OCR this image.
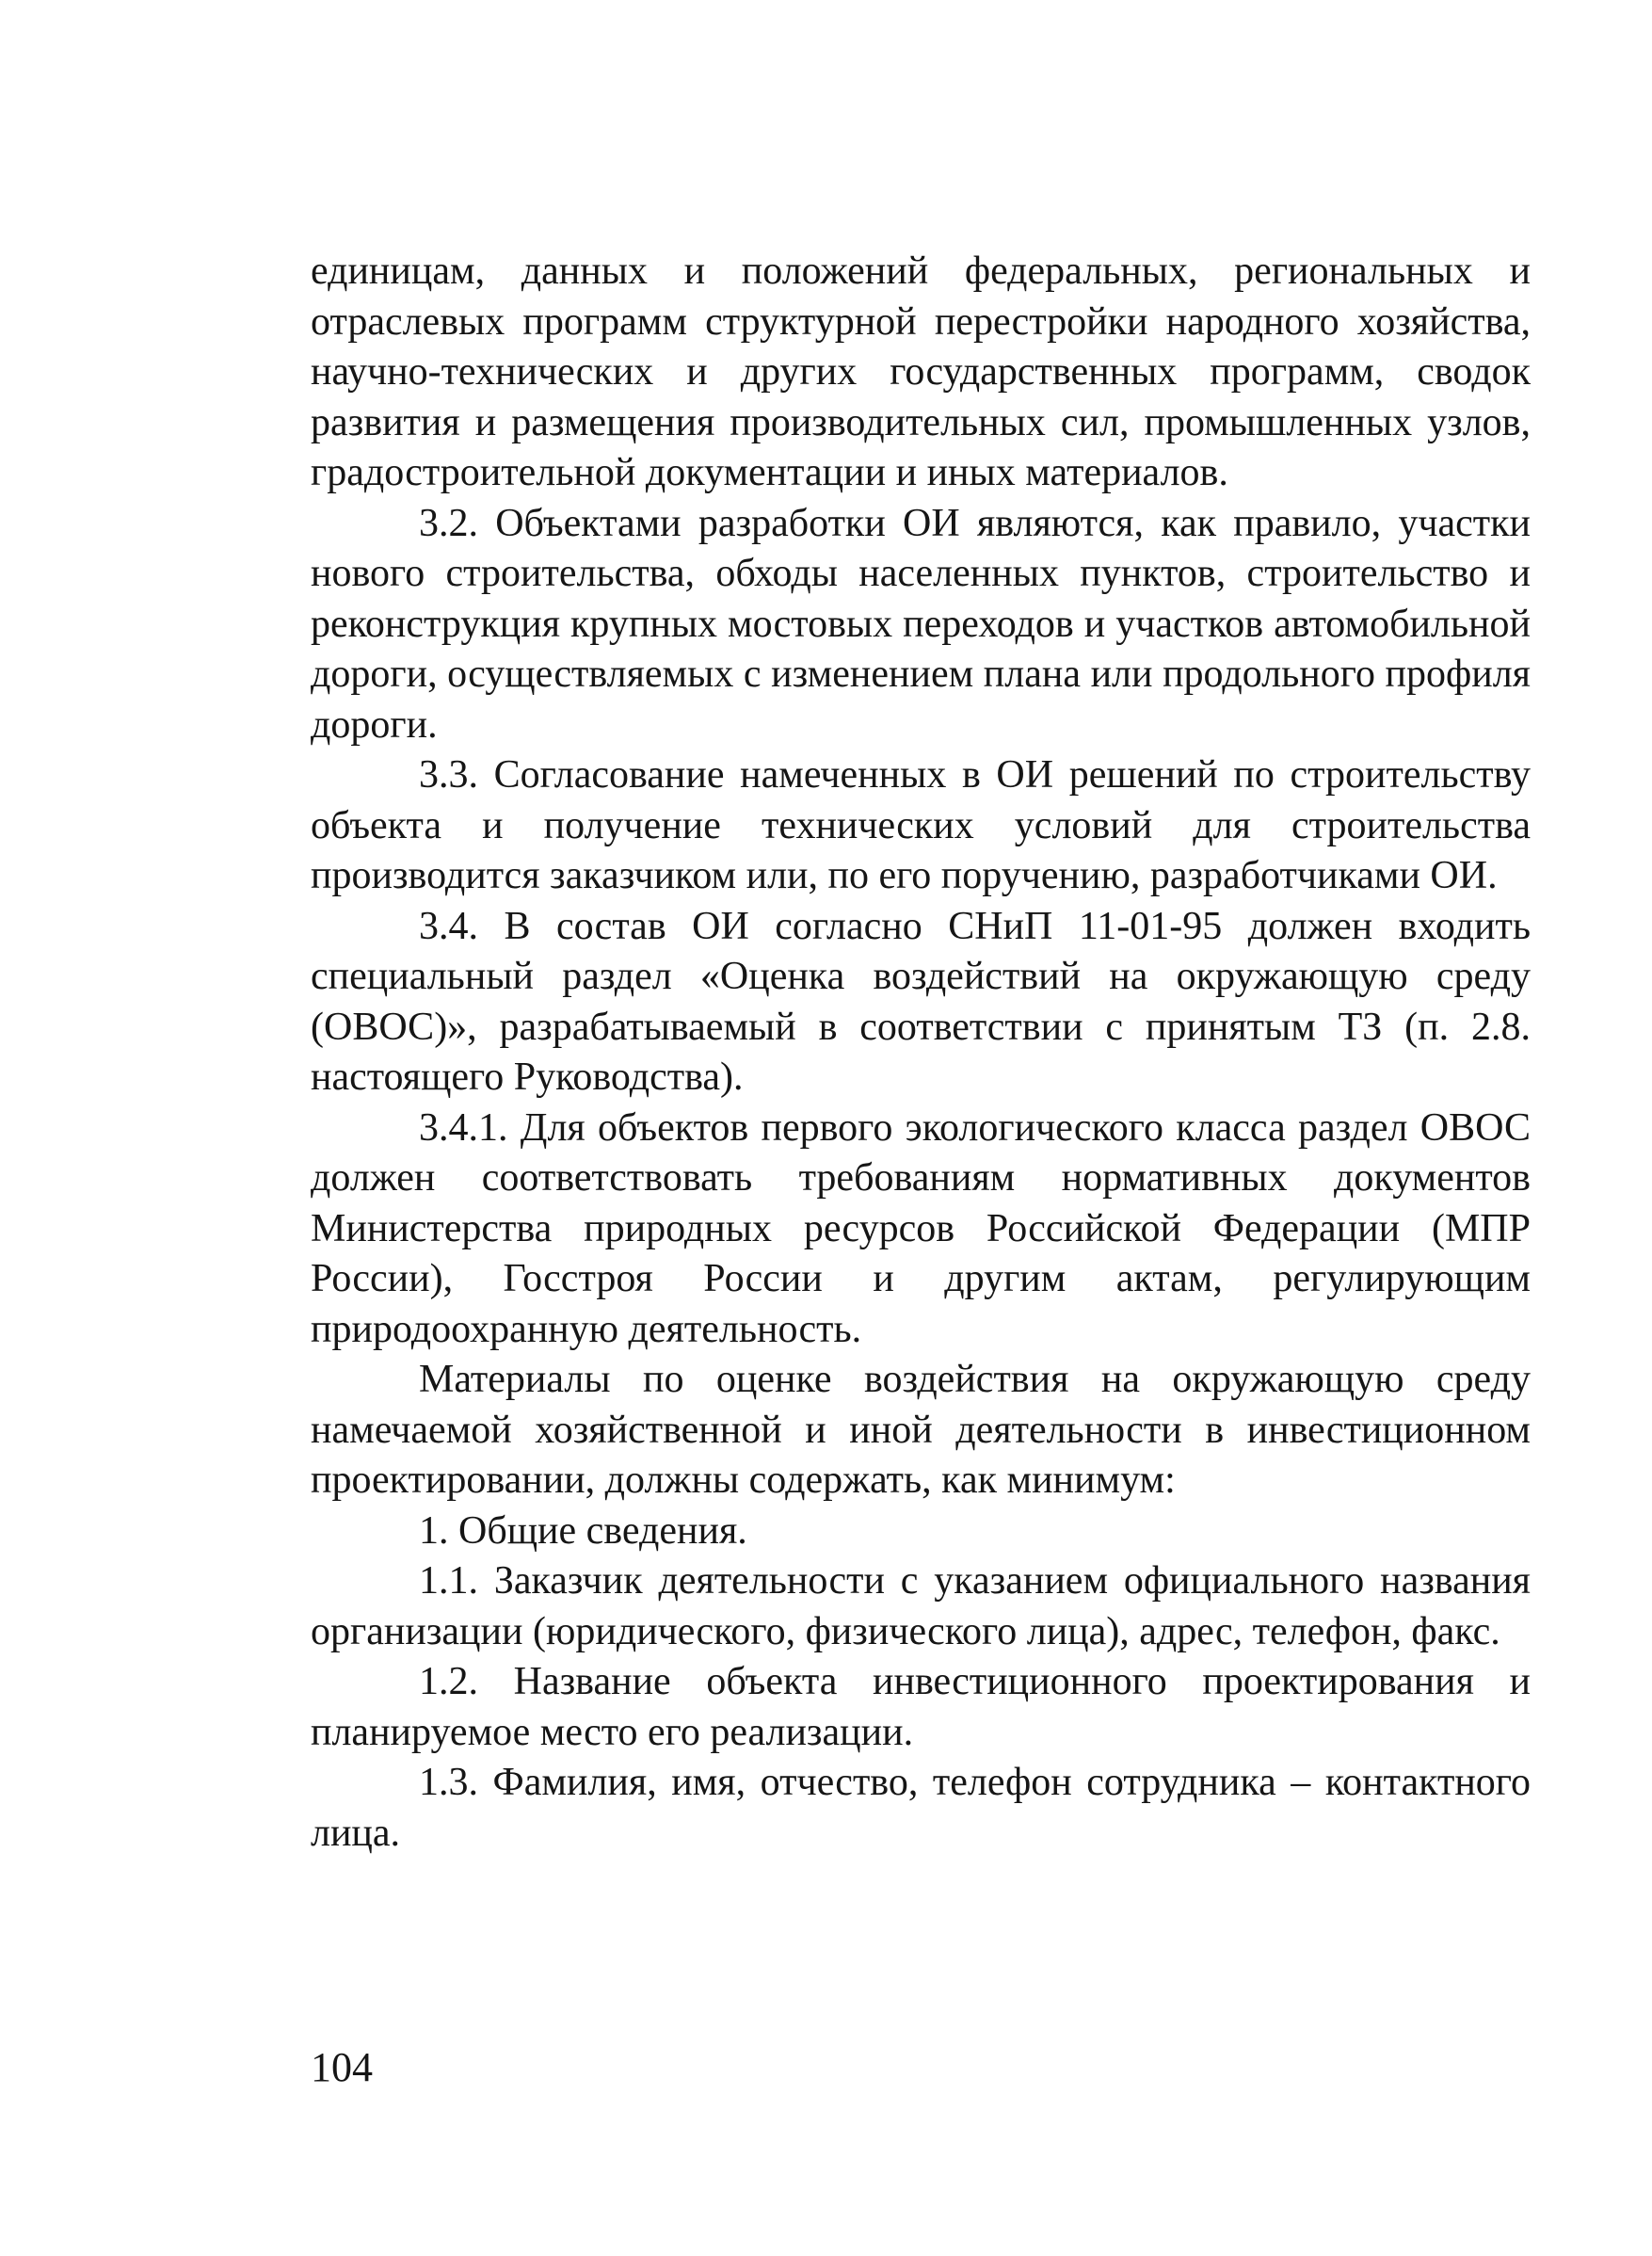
единицам, данных и положений федеральных, региональных и отраслевых программ структурной перестройки народного хозяйства, научно-технических и других государственных программ, сводок развития и размещения производительных сил, промышленных узлов, градостроительной документации и иных материалов.

3.2. Объектами разработки ОИ являются, как правило, участки нового строительства, обходы населенных пунктов, строительство и реконструкция крупных мостовых переходов и участков автомобильной дороги, осуществляемых с изменением плана или продольного профиля дороги.

3.3. Согласование намеченных в ОИ решений по строительству объекта и получение технических условий для строительства производится заказчиком или, по его поручению, разработчиками ОИ.

3.4. В состав ОИ согласно СНиП 11-01-95 должен входить специальный раздел «Оценка воздействий на окружающую среду (ОВОС)», разрабатываемый в соответствии с принятым ТЗ (п. 2.8. настоящего Руководства).

3.4.1. Для объектов первого экологического класса раздел ОВОС должен соответствовать требованиям нормативных документов Министерства природных ресурсов Российской Федерации (МПР России), Госстроя России и другим актам, регулирующим природоохранную деятельность.

Материалы по оценке воздействия на окружающую среду намечаемой хозяйственной и иной деятельности в инвестиционном проектировании, должны содержать, как минимум:

1. Общие сведения.

1.1. Заказчик деятельности с указанием официального названия организации (юридического, физического лица), адрес, телефон, факс.

1.2. Название объекта инвестиционного проектирования и планируемое место его реализации.

1.3. Фамилия, имя, отчество, телефон сотрудника – контактного лица.

104
